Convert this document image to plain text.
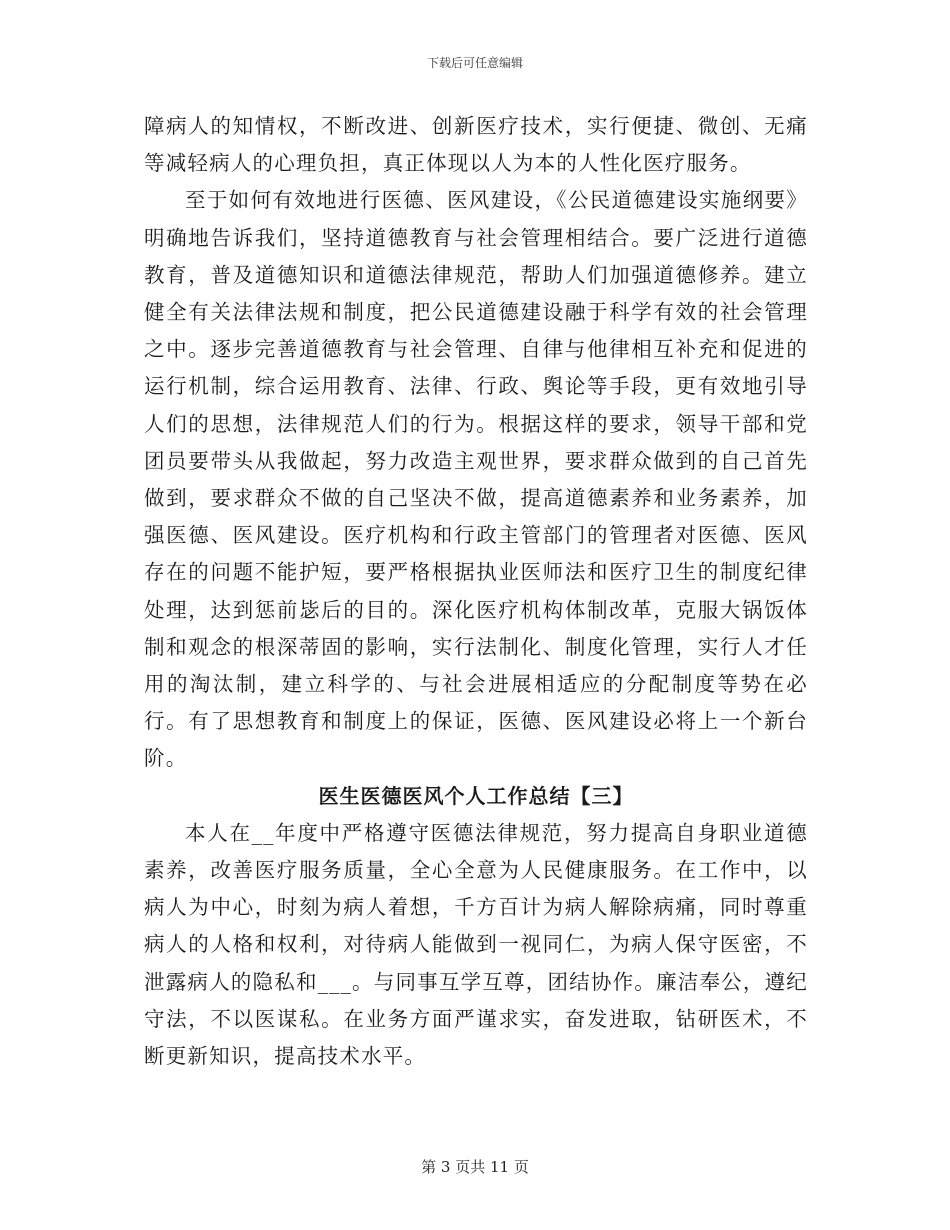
下载后可任意编辑

障病人的知情权，不断改进、创新医疗技术，实行便捷、微创、无痛等减轻病人的心理负担，真正体现以人为本的人性化医疗服务。

至于如何有效地进行医德、医风建设，《公民道德建设实施纲要》明确地告诉我们，坚持道德教育与社会管理相结合。要广泛进行道德教育，普及道德知识和道德法律规范，帮助人们加强道德修养。建立健全有关法律法规和制度，把公民道德建设融于科学有效的社会管理之中。逐步完善道德教育与社会管理、自律与他律相互补充和促进的运行机制，综合运用教育、法律、行政、舆论等手段，更有效地引导人们的思想，法律规范人们的行为。根据这样的要求，领导干部和党团员要带头从我做起，努力改造主观世界，要求群众做到的自己首先做到，要求群众不做的自己坚决不做，提高道德素养和业务素养，加强医德、医风建设。医疗机构和行政主管部门的管理者对医德、医风存在的问题不能护短，要严格根据执业医师法和医疗卫生的制度纪律处理，达到惩前毖后的目的。深化医疗机构体制改革，克服大锅饭体制和观念的根深蒂固的影响，实行法制化、制度化管理，实行人才任用的淘汰制，建立科学的、与社会进展相适应的分配制度等势在必行。有了思想教育和制度上的保证，医德、医风建设必将上一个新台阶。

医生医德医风个人工作总结【三】

本人在__年度中严格遵守医德法律规范，努力提高自身职业道德素养，改善医疗服务质量，全心全意为人民健康服务。在工作中，以病人为中心，时刻为病人着想，千方百计为病人解除病痛，同时尊重病人的人格和权利，对待病人能做到一视同仁，为病人保守医密，不泄露病人的隐私和___。与同事互学互尊，团结协作。廉洁奉公，遵纪守法，不以医谋私。在业务方面严谨求实，奋发进取，钻研医术，不断更新知识，提高技术水平。

第 3 页共 11 页
